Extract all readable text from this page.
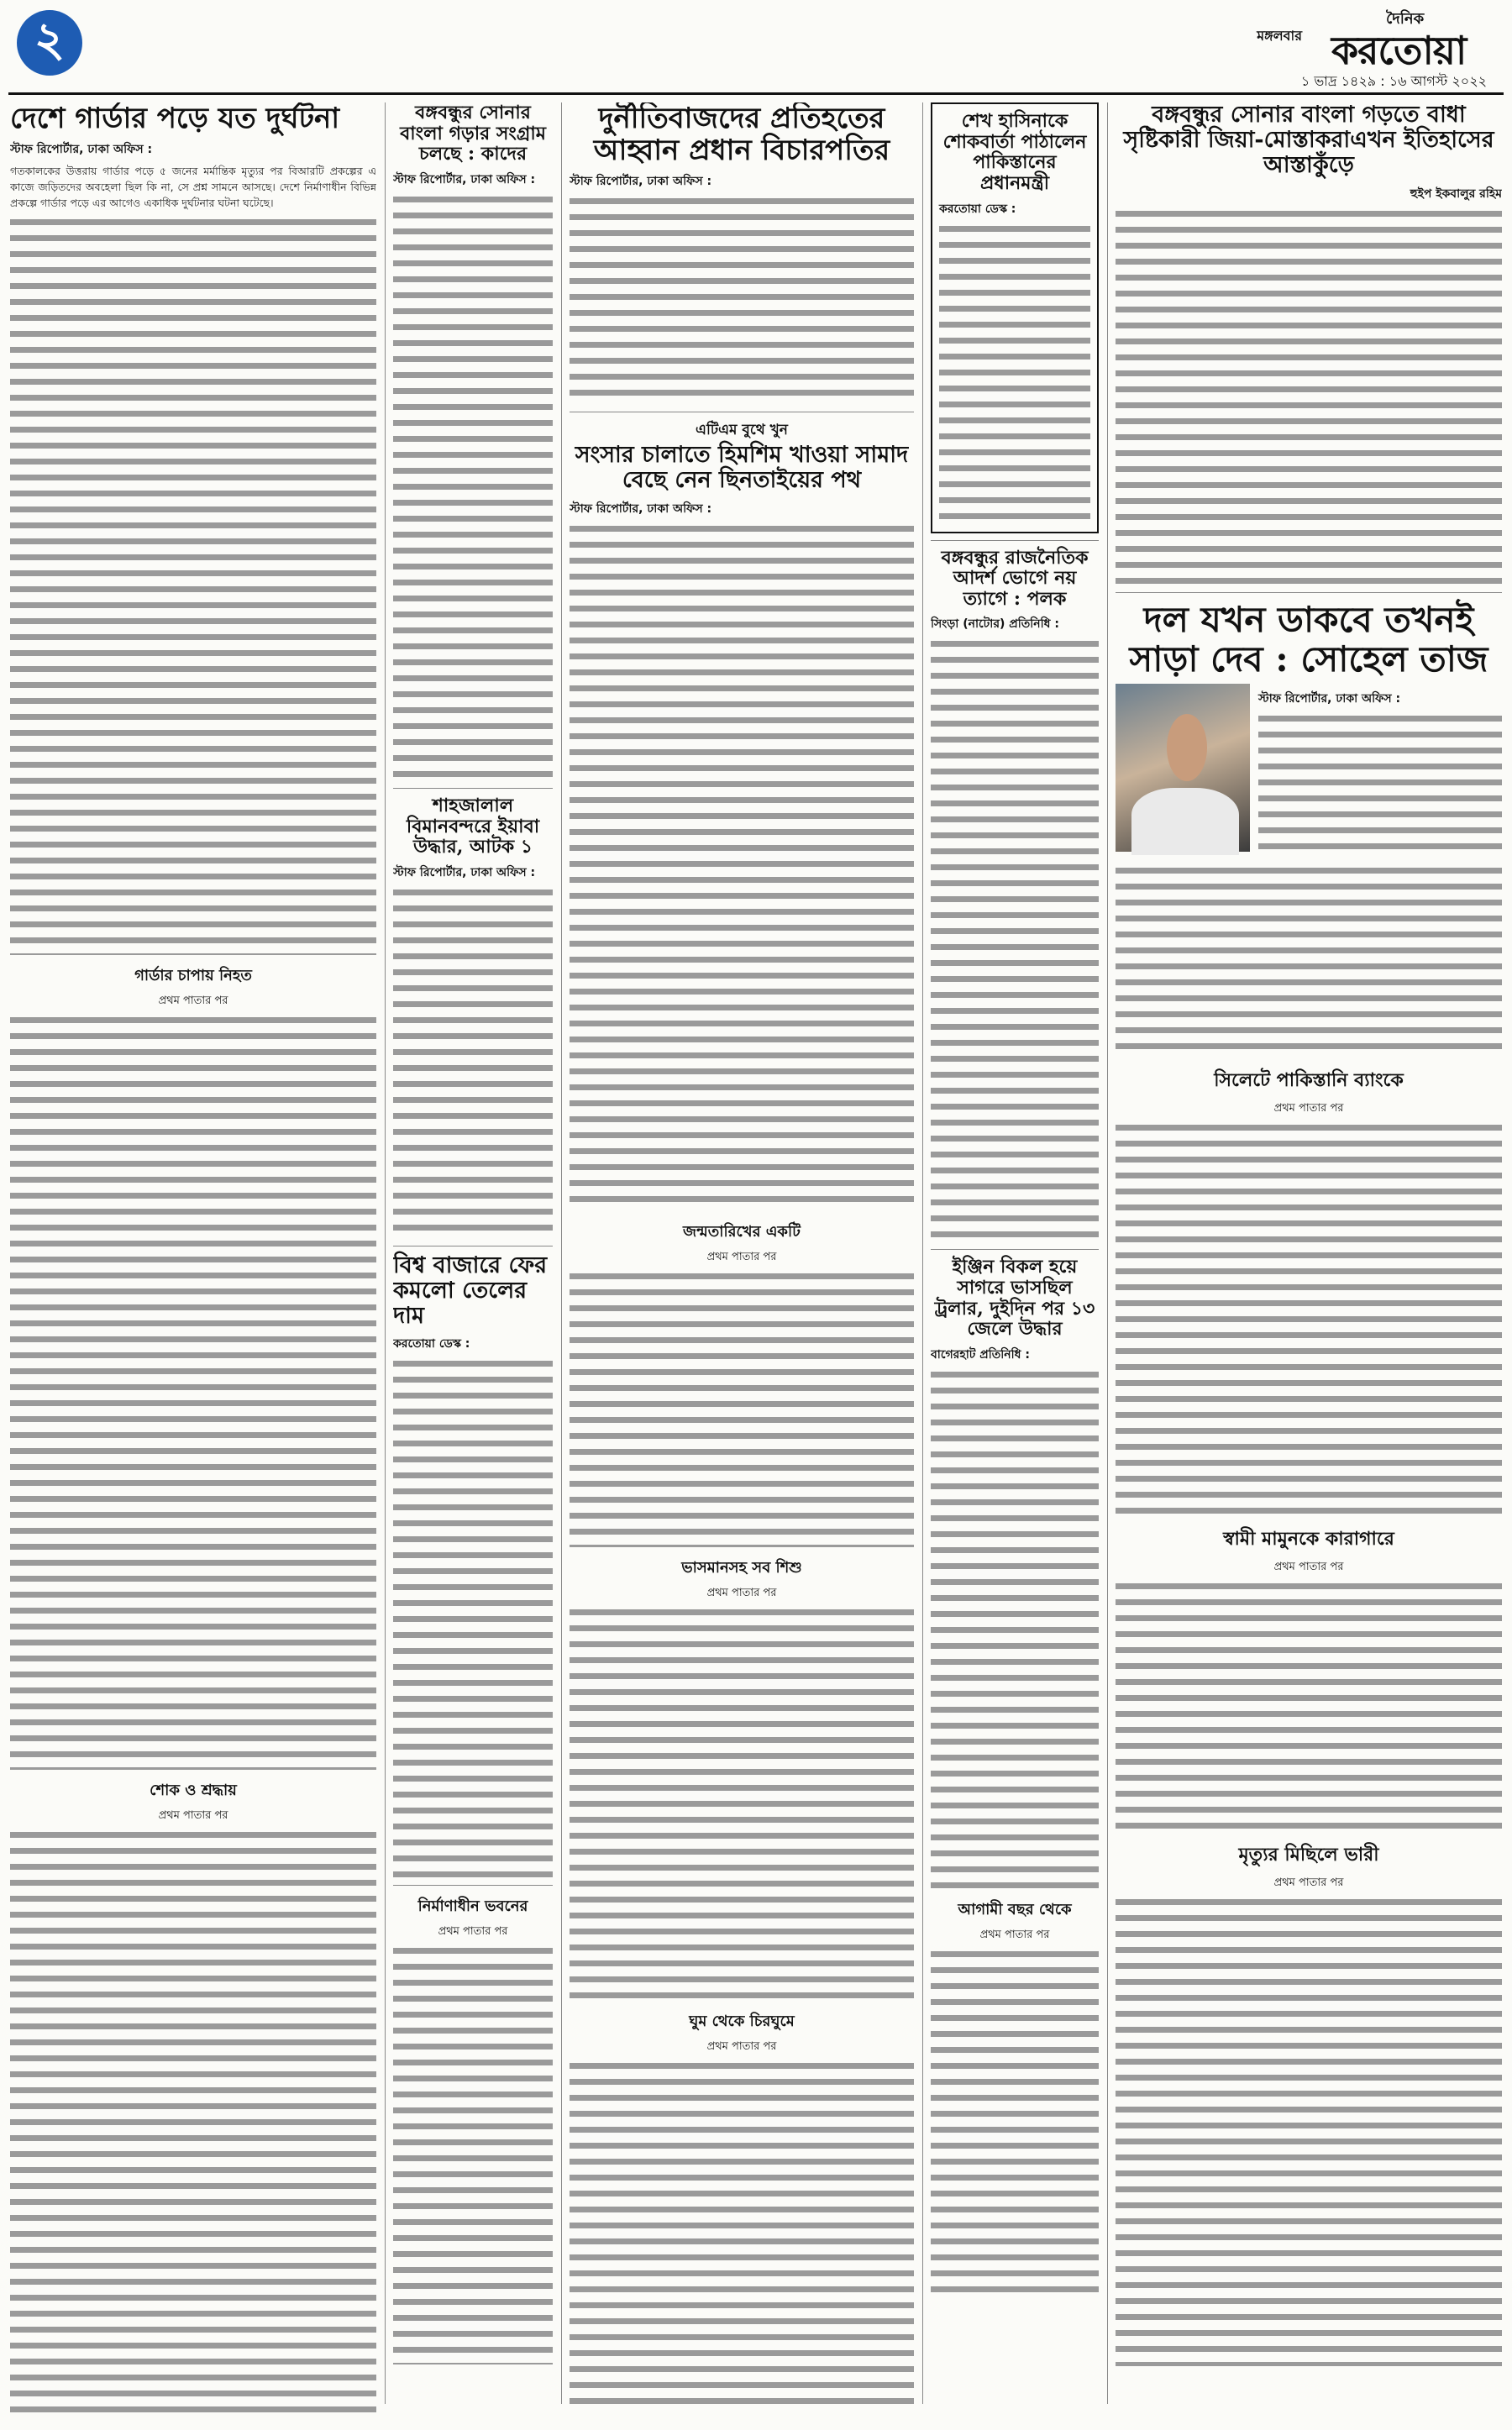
২	মঙ্গলবার
দৈনিক
করতোয়া
১ ভাদ্র ১৪২৯ : ১৬ আগস্ট ২০২২
দেশে গার্ডার পড়ে যত দুর্ঘটনা
স্টাফ রিপোর্টার, ঢাকা অফিস :

গতকালকের উত্তরায় গার্ডার পড়ে ৫ জনের মর্মান্তিক মৃত্যুর পর বিআরটি প্রকল্পের এ কাজে জড়িতদের অবহেলা ছিল কি না, সে প্রশ্ন সামনে আসছে। দেশে নির্মাণাধীন বিভিন্ন প্রকল্পে গার্ডার পড়ে এর আগেও একাধিক দুর্ঘটনার ঘটনা ঘটেছে।

গার্ডার চাপায় নিহত
প্রথম পাতার পর
শোক ও শ্রদ্ধায়
প্রথম পাতার পর
বঙ্গবন্ধুর সোনার বাংলা গড়ার সংগ্রাম চলছে : কাদের
স্টাফ রিপোর্টার, ঢাকা অফিস :
শাহজালাল বিমানবন্দরে ইয়াবা উদ্ধার, আটক ১
স্টাফ রিপোর্টার, ঢাকা অফিস :
বিশ্ব বাজারে ফের কমলো তেলের দাম
করতোয়া ডেস্ক :
নির্মাণাধীন ভবনের
প্রথম পাতার পর
দুর্নীতিবাজদের প্রতিহতের আহ্বান প্রধান বিচারপতির
স্টাফ রিপোর্টার, ঢাকা অফিস :
এটিএম বুথে খুন
সংসার চালাতে হিমশিম খাওয়া সামাদ বেছে নেন ছিনতাইয়ের পথ
স্টাফ রিপোর্টার, ঢাকা অফিস :
জন্মতারিখের একটি
প্রথম পাতার পর
ভাসমানসহ সব শিশু
প্রথম পাতার পর
ঘুম থেকে চিরঘুমে
প্রথম পাতার পর
শেখ হাসিনাকে শোকবার্তা পাঠালেন পাকিস্তানের প্রধানমন্ত্রী
করতোয়া ডেস্ক :
বঙ্গবন্ধুর রাজনৈতিক আদর্শ ভোগে নয় ত্যাগে : পলক
সিংড়া (নাটোর) প্রতিনিধি :
ইঞ্জিন বিকল হয়ে সাগরে ভাসছিল ট্রলার, দুইদিন পর ১৩ জেলে উদ্ধার
বাগেরহাট প্রতিনিধি :
আগামী বছর থেকে
প্রথম পাতার পর
বঙ্গবন্ধুর সোনার বাংলা গড়তে বাধা সৃষ্টিকারী জিয়া-মোস্তাকরাএখন ইতিহাসের আস্তাকুঁড়ে
হুইপ ইকবালুর রহিম
দল যখন ডাকবে তখনই সাড়া দেব : সোহেল তাজ
স্টাফ রিপোর্টার, ঢাকা অফিস :
সিলেটে পাকিস্তানি ব্যাংকে
প্রথম পাতার পর
স্বামী মামুনকে কারাগারে
প্রথম পাতার পর
মৃত্যুর মিছিলে ভারী
প্রথম পাতার পর
